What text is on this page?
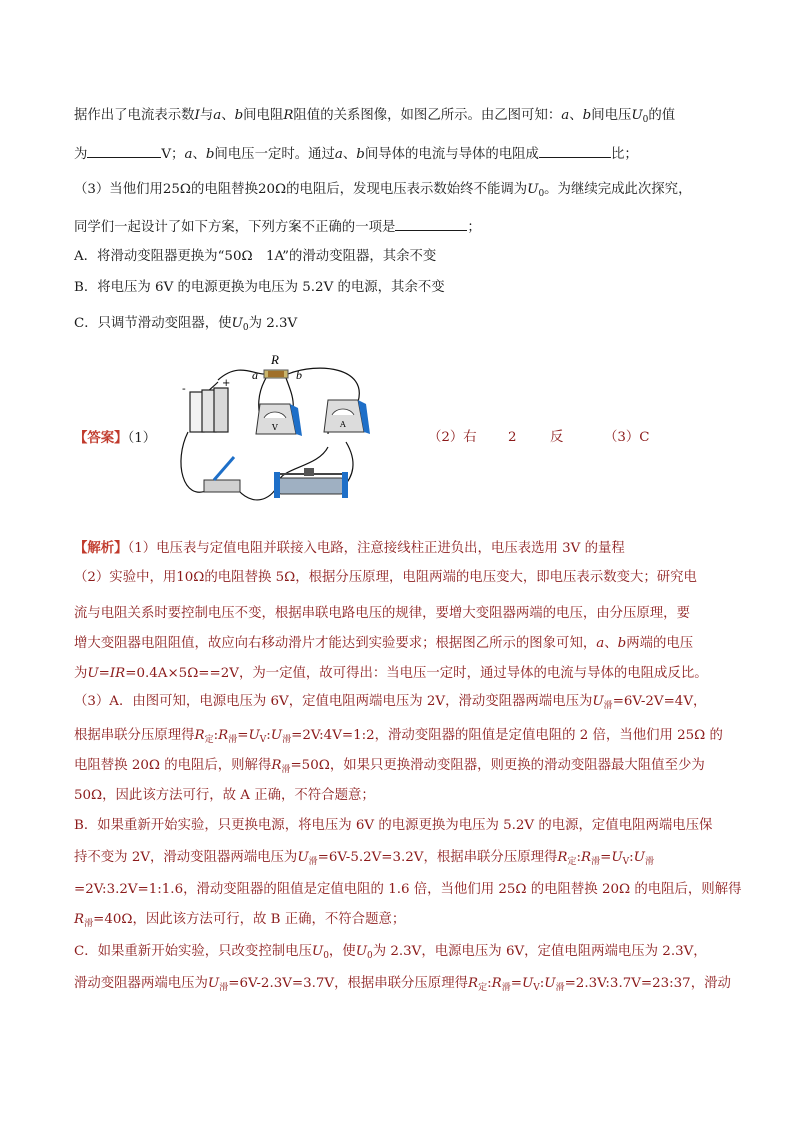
据作出了电流表示数I与a、b间电阻R阻值的关系图像，如图乙所示。由乙图可知：a、b间电压$U_0$的值
为	V；a、b间电压一定时。通过a、b间导体的电流与导体的电阻成	比；
（3）当他们用25Ω的电阻替换20Ω的电阻后，发现电压表示数始终不能调为$U_0$。为继续完成此次探究，
同学们一起设计了如下方案，下列方案不正确的一项是	；
A．将滑动变阻器更换为“50Ω　1A”的滑动变阻器，其余不变
B．将电压为 6V 的电源更换为电压为 5.2V 的电源，其余不变
C．只调节滑动变阻器，使$U_0$为 2.3V
【答案】（1）	（2）右 2 反	（3）C
R
a	b
-	+
V	A
【解析】（1）电压表与定值电阻并联接入电路，注意接线柱正进负出，电压表选用 3V 的量程
（2）实验中，用10Ω的电阻替换 5Ω，根据分压原理，电阻两端的电压变大，即电压表示数变大；研究电
流与电阻关系时要控制电压不变，根据串联电路电压的规律，要增大变阻器两端的电压，由分压原理，要
增大变阻器电阻阻值，故应向右移动滑片才能达到实验要求；根据图乙所示的图象可知，a、b两端的电压
为U=IR=0.4A×5Ω==2V，为一定值，故可得出：当电压一定时，通过导体的电流与导体的电阻成反比。
（3）A．由图可知，电源电压为 6V，定值电阻两端电压为 2V，滑动变阻器两端电压为$U_滑=6V-2V=4V$，
根据串联分压原理得$R_定:R_滑=U_V:U_滑=2V:4V=1:2$，滑动变阻器的阻值是定值电阻的 2 倍，当他们用 25Ω 的
电阻替换 20Ω 的电阻后，则解得$R_滑=50\Omega$，如果只更换滑动变阻器，则更换的滑动变阻器最大阻值至少为
50Ω，因此该方法可行，故 A 正确，不符合题意；
B．如果重新开始实验，只更换电源，将电压为 6V 的电源更换为电压为 5.2V 的电源，定值电阻两端电压保
持不变为 2V，滑动变阻器两端电压为$U_滑=6V-5.2V=3.2V$，根据串联分压原理得$R_定:R_滑=U_V:U_滑$
=2V:3.2V=1:1.6，滑动变阻器的阻值是定值电阻的 1.6 倍，当他们用 25Ω 的电阻替换 20Ω 的电阻后，则解得
$R_滑=40\Omega$，因此该方法可行，故 B 正确，不符合题意；
C．如果重新开始实验，只改变控制电压$U_0$，使$U_0$为 2.3V，电源电压为 6V，定值电阻两端电压为 2.3V，
滑动变阻器两端电压为$U_滑=6V-2.3V=3.7V$，根据串联分压原理得$R_定:R_滑=U_V:U_滑=2.3V:3.7V=23:37$，滑动
